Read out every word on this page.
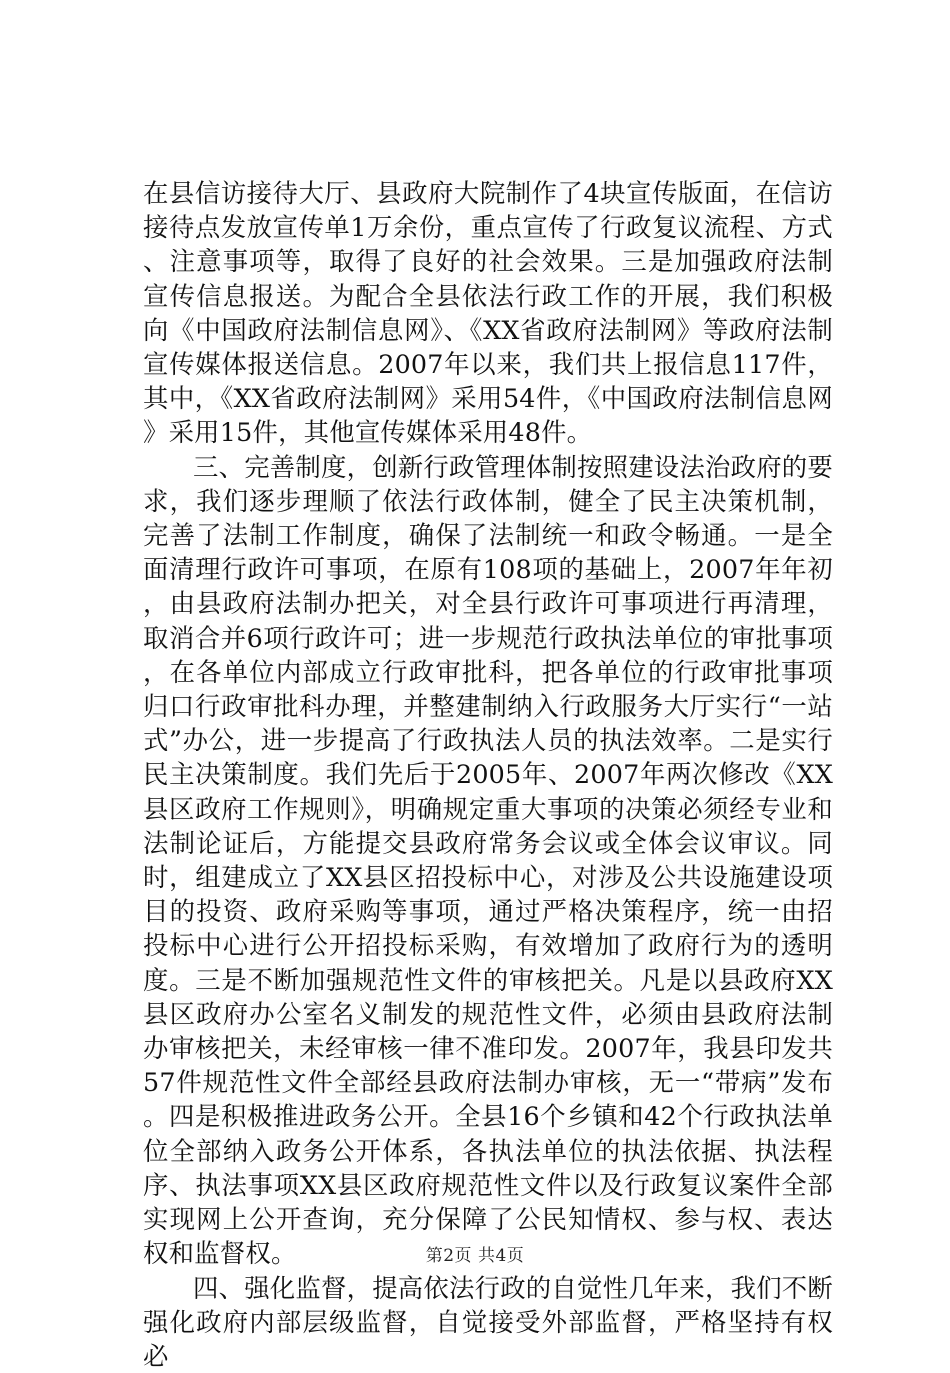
在县信访接待大厅、县政府大院制作了4块宣传版面，在信访接待点发放宣传单1万余份，重点宣传了行政复议流程、方式、注意事项等，取得了良好的社会效果。三是加强政府法制宣传信息报送。为配合全县依法行政工作的开展，我们积极向《中国政府法制信息网》、《XX省政府法制网》等政府法制宣传媒体报送信息。2007年以来，我们共上报信息117件，其中，《XX省政府法制网》采用54件，《中国政府法制信息网》采用15件，其他宣传媒体采用48件。

三、完善制度，创新行政管理体制按照建设法治政府的要求，我们逐步理顺了依法行政体制，健全了民主决策机制，完善了法制工作制度，确保了法制统一和政令畅通。一是全面清理行政许可事项，在原有108项的基础上，2007年年初，由县政府法制办把关，对全县行政许可事项进行再清理，取消合并6项行政许可；进一步规范行政执法单位的审批事项，在各单位内部成立行政审批科，把各单位的行政审批事项归口行政审批科办理，并整建制纳入行政服务大厅实行“一站式”办公，进一步提高了行政执法人员的执法效率。二是实行民主决策制度。我们先后于2005年、2007年两次修改《XX县区政府工作规则》，明确规定重大事项的决策必须经专业和法制论证后，方能提交县政府常务会议或全体会议审议。同时，组建成立了XX县区招投标中心，对涉及公共设施建设项目的投资、政府采购等事项，通过严格决策程序，统一由招投标中心进行公开招投标采购，有效增加了政府行为的透明度。三是不断加强规范性文件的审核把关。凡是以县政府XX县区政府办公室名义制发的规范性文件，必须由县政府法制办审核把关，未经审核一律不准印发。2007年，我县印发共57件规范性文件全部经县政府法制办审核，无一“带病”发布。四是积极推进政务公开。全县16个乡镇和42个行政执法单位全部纳入政务公开体系，各执法单位的执法依据、执法程序、执法事项XX县区政府规范性文件以及行政复议案件全部实现网上公开查询，充分保障了公民知情权、参与权、表达权和监督权。

四、强化监督，提高依法行政的自觉性几年来，我们不断强化政府内部层级监督，自觉接受外部监督，严格坚持有权必

第2页 共4页
